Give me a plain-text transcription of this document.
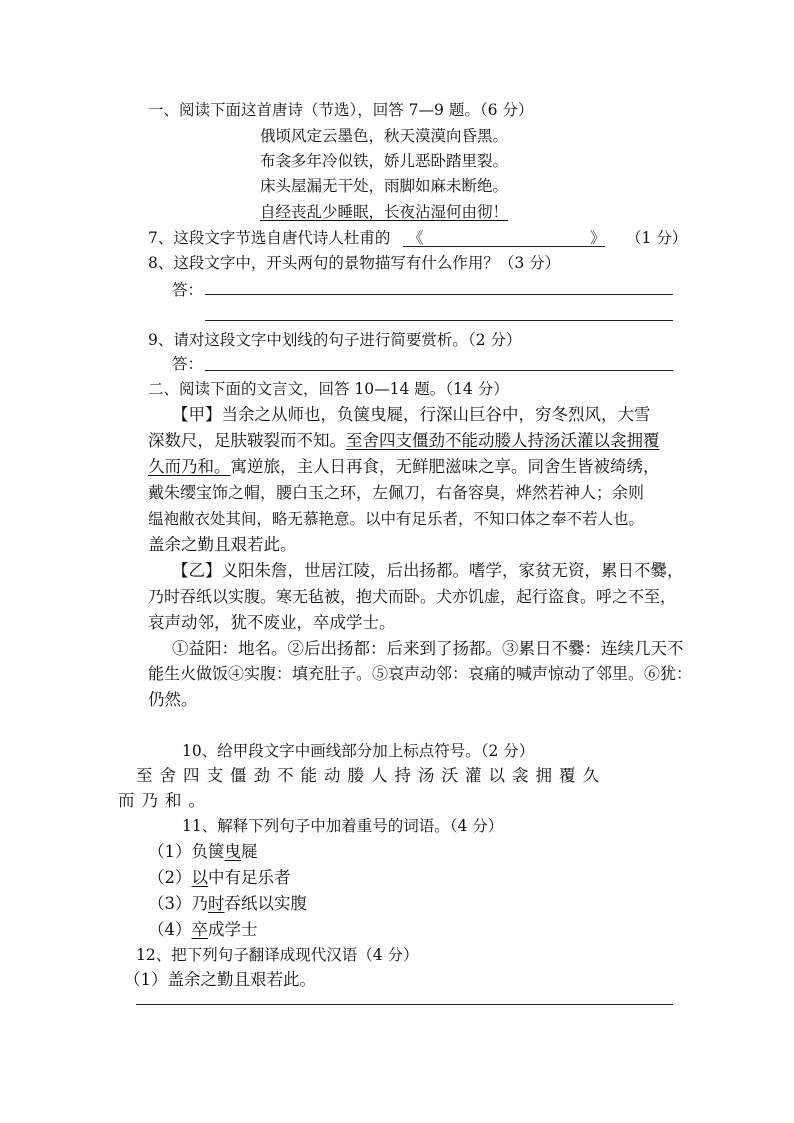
一、阅读下面这首唐诗（节选），回答 7—9 题。（6 分）
俄顷风定云墨色，秋天漠漠向昏黑。
布衾多年冷似铁，娇儿恶卧踏里裂。
床头屋漏无干处，雨脚如麻未断绝。
自经丧乱少睡眠，长夜沾湿何由彻！
7、这段文字节选自唐代诗人杜甫的 《	》 （1 分）
8、这段文字中，开头两句的景物描写有什么作用？（3 分）
答：
9、请对这段文字中划线的句子进行简要赏析。（2 分）
答：
二、阅读下面的文言文，回答 10—14 题。（14 分）
【甲】当余之从师也，负箧曳屣，行深山巨谷中，穷冬烈风，大雪
深数尺，足肤皲裂而不知。至舍四支僵劲不能动媵人持汤沃灌以衾拥覆
久而乃和。寓逆旅，主人日再食，无鲜肥滋味之享。同舍生皆被绮绣，
戴朱缨宝饰之帽，腰白玉之环，左佩刀，右备容臭，烨然若神人；余则
缊袍敝衣处其间，略无慕艳意。以中有足乐者，不知口体之奉不若人也。
盖余之勤且艰若此。
【乙】义阳朱詹，世居江陵，后出扬都。嗜学，家贫无资，累日不爨，
乃时吞纸以实腹。寒无毡被，抱犬而卧。犬亦饥虚，起行盗食。呼之不至，
哀声动邻，犹不废业，卒成学士。
①益阳：地名。②后出扬都：后来到了扬都。③累日不爨：连续几天不
能生火做饭④实腹：填充肚子。⑤哀声动邻：哀痛的喊声惊动了邻里。⑥犹：
仍然。
10、给甲段文字中画线部分加上标点符号。（2 分）
至舍四支僵劲不能动媵人持汤沃灌以衾拥覆久
而乃和。
11、解释下列句子中加着重号的词语。（4 分）
（1）负箧曳屣
（2）以中有足乐者
（3）乃时吞纸以实腹
（4）卒成学士
12、把下列句子翻译成现代汉语（4 分）
（1）盖余之勤且艰若此。
